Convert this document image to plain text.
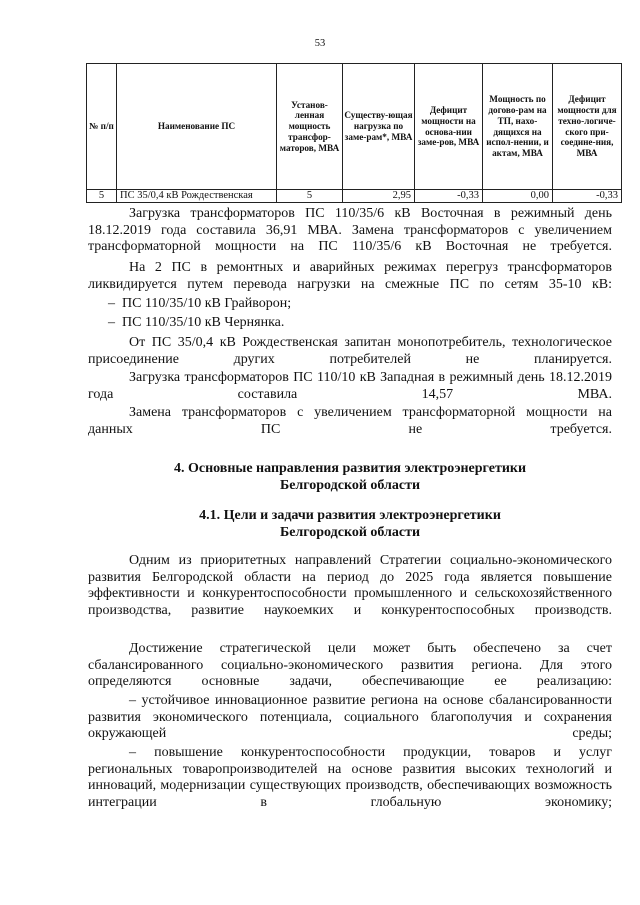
53
№ п/п	Наименование ПС	Установ-ленная мощность трансфор-маторов, МВА	Существу-ющая нагрузка по заме-рам*, МВА	Дефицит мощности на основа-нии заме-ров, МВА	Мощность по догово-рам на ТП, нахо-дящихся на испол-нении, и актам, МВА	Дефицит мощности для техно-логиче-ского при-соедине-ния, МВА
5	ПС 35/0,4 кВ Рождественская	5	2,95	-0,33	0,00	-0,33

Загрузка трансформаторов ПС 110/35/6 кВ Восточная в режимный день 18.12.2019 года составила 36,91 МВА. Замена трансформаторов с увеличением трансформаторной мощности на ПС 110/35/6 кВ Восточная не требуется.

На 2 ПС в ремонтных и аварийных режимах перегруз трансформаторов ликвидируется путем перевода нагрузки на смежные ПС по сетям 35-10 кВ:

–  ПС 110/35/10 кВ Грайворон;

–  ПС 110/35/10 кВ Чернянка.

От ПС 35/0,4 кВ Рождественская запитан монопотребитель, технологическое присоединение других потребителей не планируется.

Загрузка трансформаторов ПС 110/10 кВ Западная в режимный день 18.12.2019 года составила 14,57 МВА.

Замена трансформаторов с увеличением трансформаторной мощности на данных ПС не требуется.

4. Основные направления развития электроэнергетики
Белгородской области

4.1. Цели и задачи развития электроэнергетики
Белгородской области

Одним из приоритетных направлений Стратегии социально-экономического развития Белгородской области на период до 2025 года является повышение эффективности и конкурентоспособности промышленного и сельскохозяйственного производства, развитие наукоемких и конкурентоспособных производств.

Достижение стратегической цели может быть обеспечено за счет сбалансированного социально-экономического развития региона. Для этого определяются основные задачи, обеспечивающие ее реализацию:

– устойчивое инновационное развитие региона на основе сбалансированности развития экономического потенциала, социального благополучия и сохранения окружающей среды;

– повышение конкурентоспособности продукции, товаров и услуг региональных товаропроизводителей на основе развития высоких технологий и инноваций, модернизации существующих производств, обеспечивающих возможность интеграции в глобальную экономику;
